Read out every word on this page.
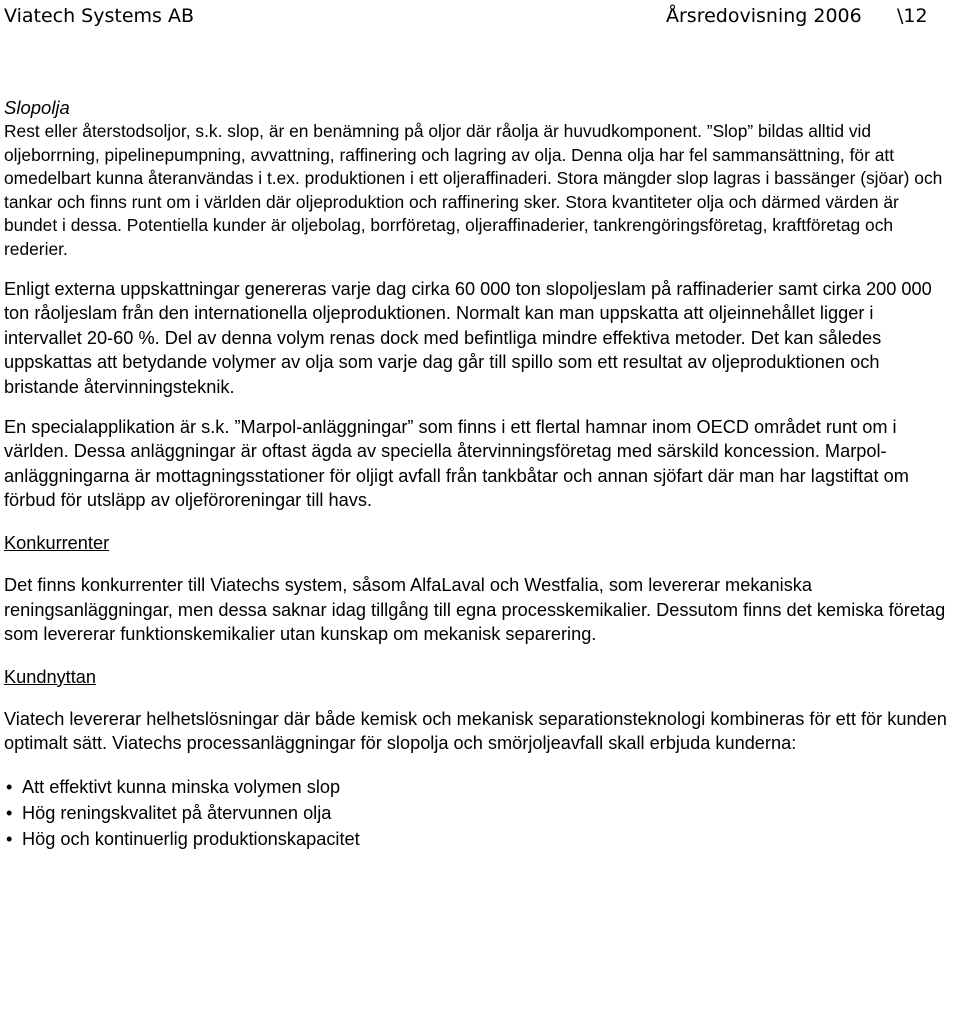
Viatech Systems AB	Årsredovisning 2006 \12

Slopolja

Rest eller återstodsoljor, s.k. slop, är en benämning på oljor där råolja är huvudkomponent. ”Slop” bildas alltid vid oljeborrning, pipelinepumpning, avvattning, raffinering och lagring av olja. Denna olja har fel sammansättning, för att omedelbart kunna återanvändas i t.ex. produktionen i ett oljeraffinaderi. Stora mängder slop lagras i bassänger (sjöar) och tankar och finns runt om i världen där oljeproduktion och raffinering sker. Stora kvantiteter olja och därmed värden är bundet i dessa. Potentiella kunder är oljebolag, borrföretag, oljeraffinaderier, tankrengöringsföretag, kraftföretag och rederier.

Enligt externa uppskattningar genereras varje dag cirka 60 000 ton slopoljeslam på raffinaderier samt cirka 200 000 ton råoljeslam från den internationella oljeproduktionen. Normalt kan man uppskatta att oljeinnehållet ligger i intervallet 20-60 %. Del av denna volym renas dock med befintliga mindre effektiva metoder. Det kan således uppskattas att betydande volymer av olja som varje dag går till spillo som ett resultat av oljeproduktionen och bristande återvinningsteknik.

En specialapplikation är s.k. ”Marpol-anläggningar” som finns i ett flertal hamnar inom OECD området runt om i världen. Dessa anläggningar är oftast ägda av speciella återvinningsföretag med särskild koncession. Marpol-anläggningarna är mottagningsstationer för oljigt avfall från tankbåtar och annan sjöfart där man har lagstiftat om förbud för utsläpp av oljeföroreningar till havs.

Konkurrenter

Det finns konkurrenter till Viatechs system, såsom AlfaLaval och Westfalia, som levererar mekaniska reningsanläggningar, men dessa saknar idag tillgång till egna processkemikalier. Dessutom finns det kemiska företag som levererar funktionskemikalier utan kunskap om mekanisk separering.

Kundnyttan

Viatech levererar helhetslösningar där både kemisk och mekanisk separationsteknologi kombineras för ett för kunden optimalt sätt. Viatechs processanläggningar för slopolja och smörjoljeavfall skall erbjuda kunderna:

• Att effektivt kunna minska volymen slop
• Hög reningskvalitet på återvunnen olja
• Hög och kontinuerlig produktionskapacitet
